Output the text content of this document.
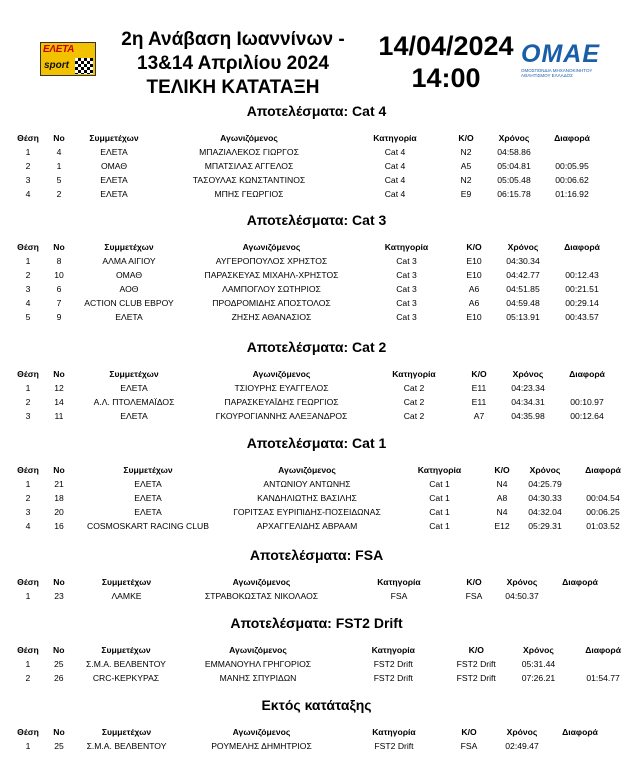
ΕΛΕΤΑ
sport
2η Ανάβαση Ιωαννίνων -
13&14 Απριλίου 2024
ΤΕΛΙΚΗ ΚΑΤΑΤΑΞΗ
14/04/2024
14:00
ΟΜΑΕ
ΟΜΟΣΠΟΝΔΙΑ ΜΗΧΑΝΟΚΙΝΗΤΟΥ ΑΘΛΗΤΙΣΜΟΥ ΕΛΛΑΔΟΣ
Αποτελέσματα: Cat 4
Θέση	Νο	Συμμετέχων	Αγωνιζόμενος	Κατηγορία	Κ/Ο	Χρόνος	Διαφορά
1	4	ΕΛΕΤΑ	ΜΠΑΖΙΑΛΕΚΟΣ ΓΙΩΡΓΟΣ	Cat 4	N2	04:58.86	
2	1	ΟΜΑΘ	ΜΠΑΤΣΙΛΑΣ ΑΓΓΕΛΟΣ	Cat 4	A5	05:04.81	00:05.95
3	5	ΕΛΕΤΑ	ΤΑΣΟΥΛΑΣ ΚΩΝΣΤΑΝΤΙΝΟΣ	Cat 4	N2	05:05.48	00:06.62
4	2	ΕΛΕΤΑ	ΜΠΗΣ ΓΕΩΡΓΙΟΣ	Cat 4	E9	06:15.78	01:16.92
Αποτελέσματα: Cat 3
Θέση	Νο	Συμμετέχων	Αγωνιζόμενος	Κατηγορία	Κ/Ο	Χρόνος	Διαφορά
1	8	ΑΛΜΑ ΑΙΓΙΟΥ	ΑΥΓΕΡΟΠΟΥΛΟΣ ΧΡΗΣΤΟΣ	Cat 3	E10	04:30.34	
2	10	ΟΜΑΘ	ΠΑΡΑΣΚΕΥΑΣ ΜΙΧΑΗΛ-ΧΡΗΣΤΟΣ	Cat 3	E10	04:42.77	00:12.43
3	6	ΑΟΘ	ΛΑΜΠΟΓΛΟΥ ΣΩΤΗΡΙΟΣ	Cat 3	A6	04:51.85	00:21.51
4	7	ACTION CLUB ΕΒΡΟΥ	ΠΡΟΔΡΟΜΙΔΗΣ ΑΠΟΣΤΟΛΟΣ	Cat 3	A6	04:59.48	00:29.14
5	9	ΕΛΕΤΑ	ΖΗΣΗΣ ΑΘΑΝΑΣΙΟΣ	Cat 3	E10	05:13.91	00:43.57
Αποτελέσματα: Cat 2
Θέση	Νο	Συμμετέχων	Αγωνιζόμενος	Κατηγορία	Κ/Ο	Χρόνος	Διαφορά
1	12	ΕΛΕΤΑ	ΤΣΙΟΥΡΗΣ ΕΥΑΓΓΕΛΟΣ	Cat 2	E11	04:23.34	
2	14	Α.Λ. ΠΤΟΛΕΜΑΪΔΟΣ	ΠΑΡΑΣΚΕΥΑΪΔΗΣ ΓΕΩΡΓΙΟΣ	Cat 2	E11	04:34.31	00:10.97
3	11	ΕΛΕΤΑ	ΓΚΟΥΡΟΓΙΑΝΝΗΣ ΑΛΕΞΑΝΔΡΟΣ	Cat 2	A7	04:35.98	00:12.64
Αποτελέσματα: Cat 1
Θέση	Νο	Συμμετέχων	Αγωνιζόμενος	Κατηγορία	Κ/Ο	Χρόνος	Διαφορά
1	21	ΕΛΕΤΑ	ΑΝΤΩΝΙΟΥ ΑΝΤΩΝΗΣ	Cat 1	N4	04:25.79	
2	18	ΕΛΕΤΑ	ΚΑΝΔΗΛΙΩΤΗΣ ΒΑΣΙΛΗΣ	Cat 1	A8	04:30.33	00:04.54
3	20	ΕΛΕΤΑ	ΓΟΡΙΤΣΑΣ ΕΥΡΙΠΙΔΗΣ-ΠΟΣΕΙΔΩΝΑΣ	Cat 1	N4	04:32.04	00:06.25
4	16	COSMOSKART RACING CLUB	ΑΡΧΑΓΓΕΛΙΔΗΣ ΑΒΡΑΑΜ	Cat 1	E12	05:29.31	01:03.52
Αποτελέσματα: FSA
Θέση	Νο	Συμμετέχων	Αγωνιζόμενος	Κατηγορία	Κ/Ο	Χρόνος	Διαφορά
1	23	ΛΑΜΚΕ	ΣΤΡΑΒΟΚΩΣΤΑΣ ΝΙΚΟΛΑΟΣ	FSA	FSA	04:50.37	
Αποτελέσματα: FST2 Drift
Θέση	Νο	Συμμετέχων	Αγωνιζόμενος	Κατηγορία	Κ/Ο	Χρόνος	Διαφορά
1	25	Σ.Μ.Α. ΒΕΛΒΕΝΤΟΥ	ΕΜΜΑΝΟΥΗΛ ΓΡΗΓΟΡΙΟΣ	FST2 Drift	FST2 Drift	05:31.44	
2	26	CRC-ΚΕΡΚΥΡΑΣ	ΜΑΝΗΣ ΣΠΥΡΙΔΩΝ	FST2 Drift	FST2 Drift	07:26.21	01:54.77
Εκτός κατάταξης
Θέση	Νο	Συμμετέχων	Αγωνιζόμενος	Κατηγορία	Κ/Ο	Χρόνος	Διαφορά
1	25	Σ.Μ.Α. ΒΕΛΒΕΝΤΟΥ	ΡΟΥΜΕΛΗΣ ΔΗΜΗΤΡΙΟΣ	FST2 Drift	FSA	02:49.47	
